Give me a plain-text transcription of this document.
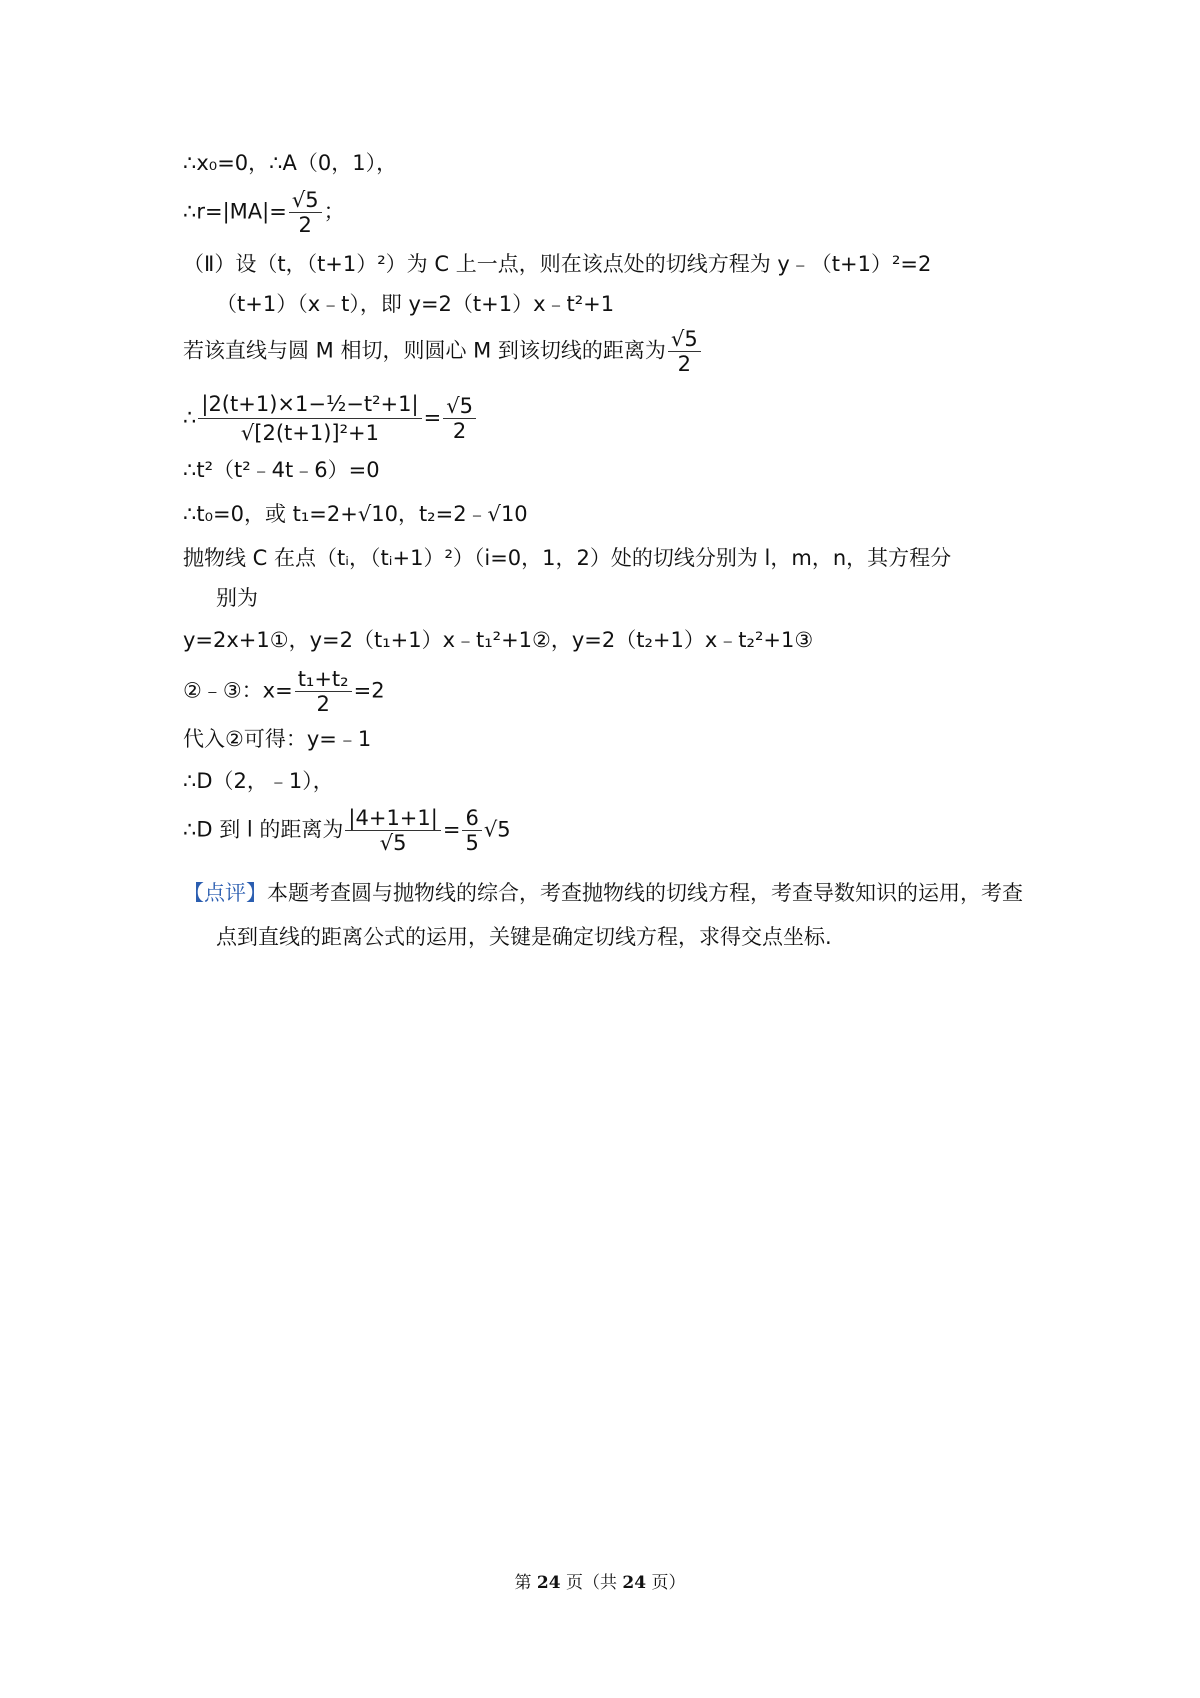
∴x₀=0，∴A（0，1），
∴r=|MA|= $\frac{√5}{2}$ ；
（Ⅱ）设（t，（t+1）²）为 C 上一点，则在该点处的切线方程为 y﹣（t+1）²=2
（t+1）（x﹣t），即 y=2（t+1）x﹣t²+1
若该直线与圆 M 相切，则圆心 M 到该切线的距离为 $\frac{√5}{2}$
∴ $\frac{\text{|2(t+1)×1−½−t²+1|}}{\text{√[2(t+1)]²+1}} = \frac{√5}{2}$
∴t²（t²﹣4t﹣6）=0
∴t₀=0，或 t₁=2+√10，t₂=2﹣√10
抛物线 C 在点（tᵢ，（tᵢ+1）²）（i=0，1，2）处的切线分别为 l，m，n，其方程分
别为
y=2x+1①，y=2（t₁+1）x﹣t₁²+1②，y=2（t₂+1）x﹣t₂²+1③
②﹣③：$x= \frac{\text{t₁+t₂}}{2} =2$
代入②可得：y=﹣1
∴D（2，﹣1），
∴D 到 l 的距离为 $\frac{|4+1+1|}{√5} = \frac{6}{5} √5$
【点评】本题考查圆与抛物线的综合，考查抛物线的切线方程，考查导数知识的运用，考查点到直线的距离公式的运用，关键是确定切线方程，求得交点坐标.
第 24 页（共 24 页）
